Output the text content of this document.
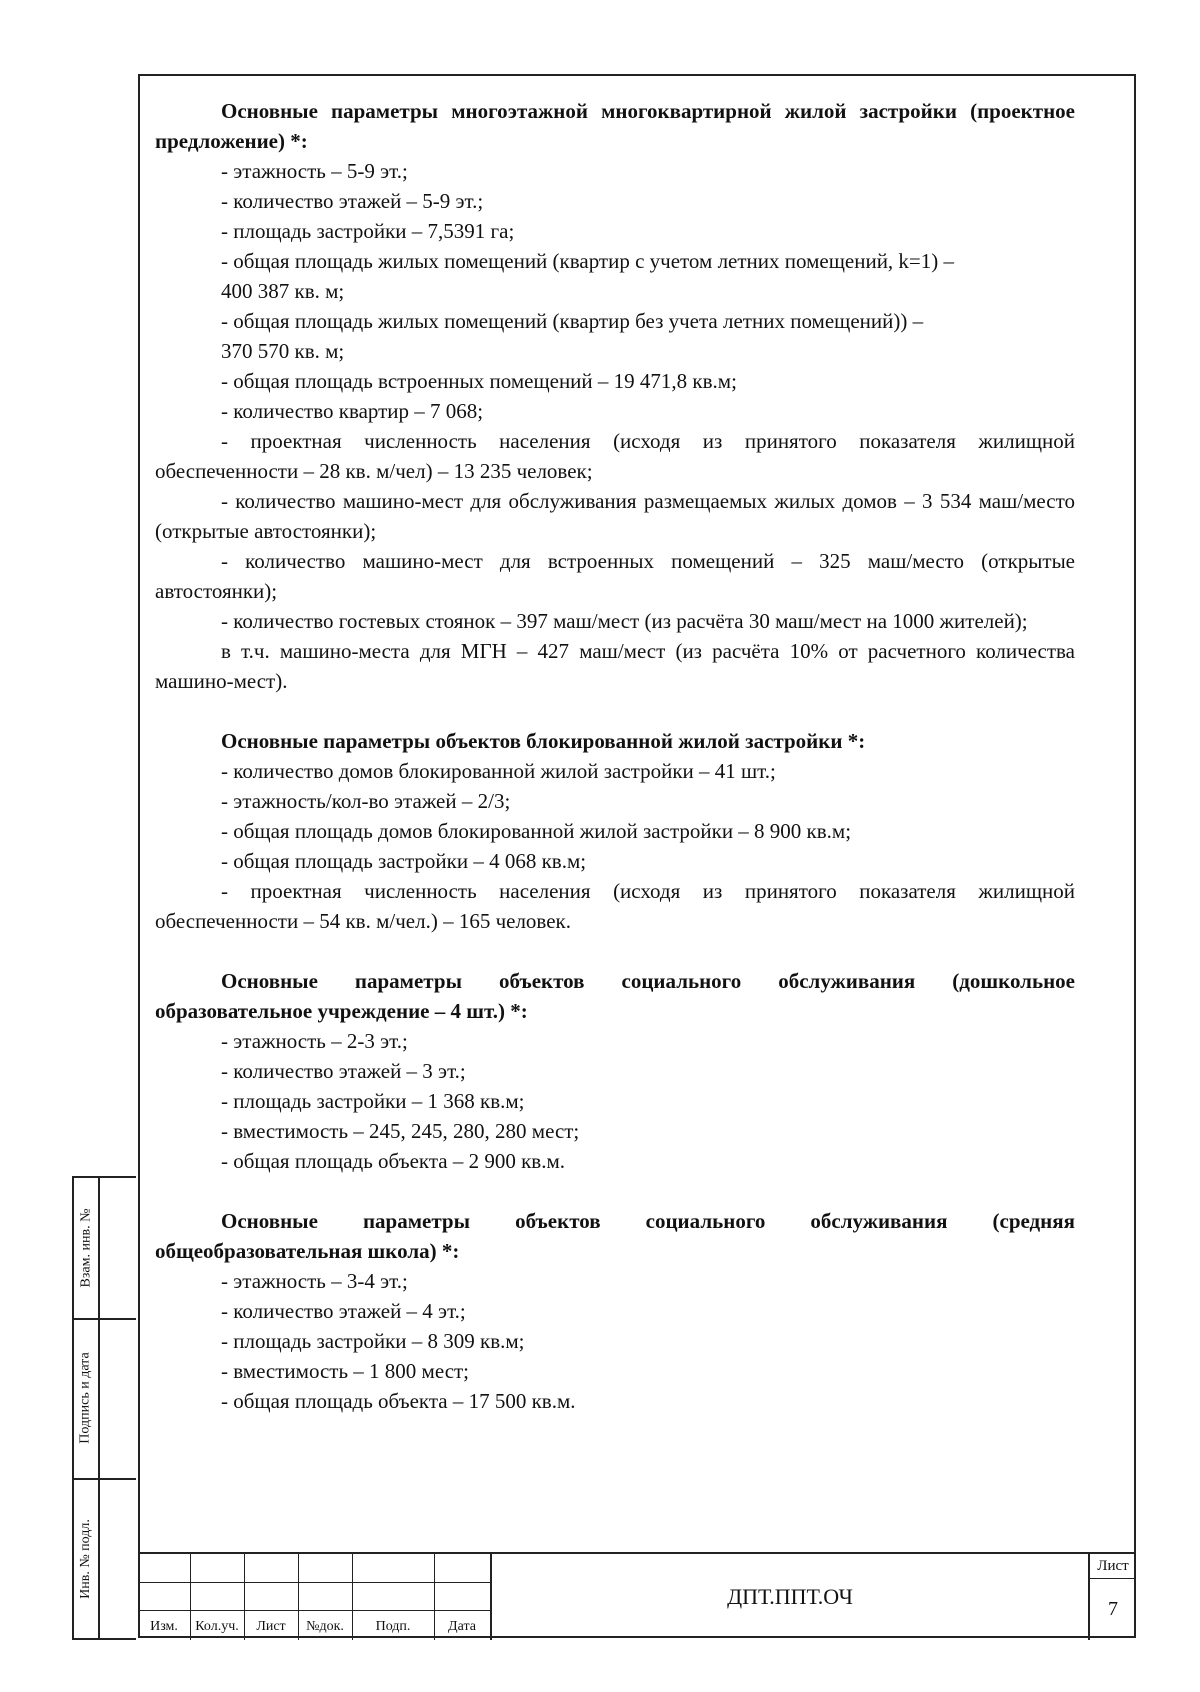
Основные параметры многоэтажной многоквартирной жилой застройки (проектное предложение) *:

- этажность – 5-9 эт.;

- количество этажей – 5-9 эт.;

- площадь застройки – 7,5391 га;

- общая площадь жилых помещений (квартир с учетом летних помещений, k=1) –

400 387 кв. м;

- общая площадь жилых помещений (квартир без учета летних помещений)) –

370 570 кв. м;

- общая площадь встроенных помещений – 19 471,8 кв.м;

- количество квартир – 7 068;

- проектная численность населения (исходя из принятого показателя жилищной обеспеченности – 28 кв. м/чел) – 13 235 человек;

- количество машино-мест для обслуживания размещаемых жилых домов – 3 534 маш/место (открытые автостоянки);

- количество машино-мест для встроенных помещений – 325 маш/место (открытые автостоянки);

- количество гостевых стоянок – 397 маш/мест (из расчёта 30 маш/мест на 1000 жителей);

в т.ч. машино-места для МГН – 427 маш/мест (из расчёта 10% от расчетного количества машино-мест).

Основные параметры объектов блокированной жилой застройки *:

- количество домов блокированной жилой застройки – 41 шт.;

- этажность/кол-во этажей – 2/3;

- общая площадь домов блокированной жилой застройки – 8 900 кв.м;

- общая площадь застройки – 4 068 кв.м;

- проектная численность населения (исходя из принятого показателя жилищной обеспеченности – 54 кв. м/чел.) – 165 человек.

Основные параметры объектов социального обслуживания (дошкольное образовательное учреждение – 4 шт.) *:

- этажность – 2-3 эт.;

- количество этажей – 3 эт.;

- площадь застройки – 1 368 кв.м;

- вместимость – 245, 245, 280, 280 мест;

- общая площадь объекта – 2 900 кв.м.

Основные параметры объектов социального обслуживания (средняя общеобразовательная школа) *:

- этажность – 3-4 эт.;

- количество этажей – 4 эт.;

- площадь застройки – 8 309 кв.м;

- вместимость – 1 800 мест;

- общая площадь объекта – 17 500 кв.м.

Взам. инв. №
Подпись и дата
Инв. № подл.
Изм.	Кол.уч.	Лист	№док.	Подп.	Дата
ДПТ.ППТ.ОЧ
Лист
7
